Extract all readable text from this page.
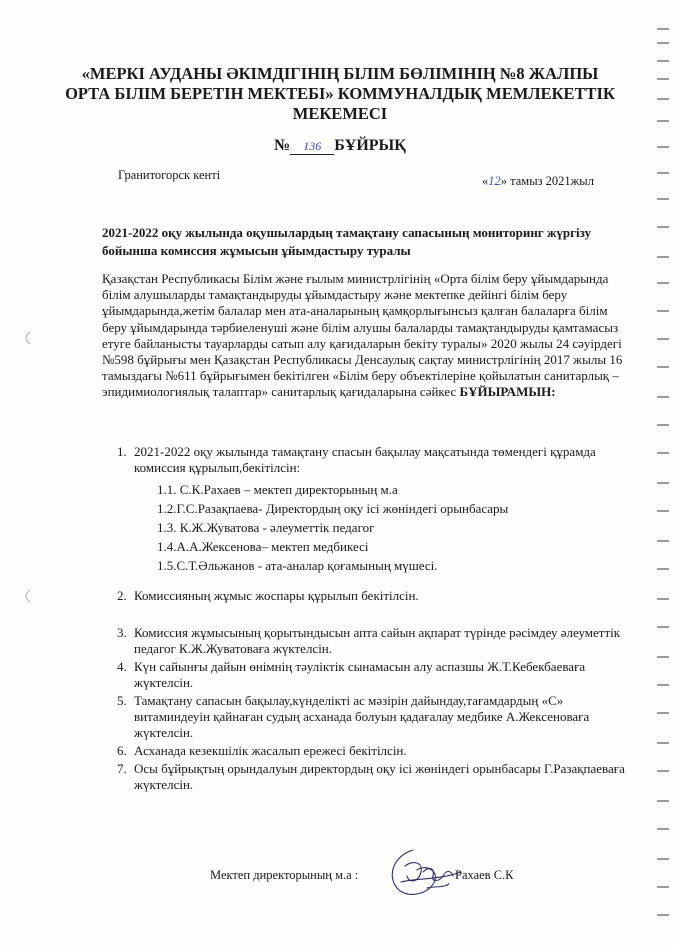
«МЕРКІ АУДАНЫ ӘКІМДІГІНІҢ БІЛІМ БӨЛІМІНІҢ №8 ЖАЛПЫ ОРТА БІЛІМ БЕРЕТІН МЕКТЕБІ» КОММУНАЛДЫҚ МЕМЛЕКЕТТІК МЕКЕМЕСІ
№ 136 БҰЙРЫҚ
Гранитогорск кенті	«12» тамыз 2021жыл
2021-2022 оқу жылында оқушылардың тамақтану сапасының мониторинг жүргізу бойынша комиссия жұмысын ұйымдастыру туралы
Қазақстан Республикасы Білім және ғылым министрлігінің «Орта білім беру ұйымдарында білім алушыларды тамақтандыруды ұйымдастыру және мектепке дейінгі білім беру ұйымдарында,жетім балалар мен ата-аналарының қамқорлығынсыз қалған балаларға білім беру ұйымдарында тәрбиеленуші және білім алушы балаларды тамақтандыруды қамтамасыз етуге байланысты тауарларды сатып алу қағидаларын бекіту туралы» 2020 жылы 24 сәуірдегі №598 бұйрығы мен Қазақстан Республикасы Денсаулық сақтау министрлігінің 2017 жылы 16 тамыздағы №611 бұйрығымен бекітілген «Білім беру объектілеріне қойылатын санитарлық – эпидимиологиялық талаптар» санитарлық қағидаларына сәйкес БҰЙЫРАМЫН:
1. 2021-2022 оқу жылында тамақтану спасын бақылау мақсатында төмендегі құрамда комиссия құрылып,бекітілсін:
1.1. С.К.Рахаев – мектеп директорының м.а
1.2.Г.С.Разақпаева- Директордың оқу ісі жөніндегі орынбасары
1.3. К.Ж.Жуватова - әлеуметтік педагог
1.4.А.А.Жексенова– мектеп медбикесі
1.5.С.Т.Әльжанов - ата-аналар қоғамының мүшесі.
2. Комиссияның жұмыс жоспары құрылып бекітілсін.
3. Комиссия жұмысының қорытындысын апта сайын ақпарат түрінде рәсімдеу әлеуметтік педагог К.Ж.Жуватоваға жүктелсін.
4. Күн сайынғы дайын өнімнің тәуліктік сынамасын алу аспазшы Ж.Т.Кебекбаеваға жүктелсін.
5. Тамақтану сапасын бақылау,күнделікті ас мәзірін дайындау,тағамдардың «С» витаминдеуін қайнаған судың асханада болуын қадағалау медбике А.Жексеноваға жүктелсін.
6. Асханада кезекшілік жасалып ережесі бекітілсін.
7. Осы бұйрықтың орындалуын директордың оқу ісі жөніндегі орынбасары Г.Разақпаеваға жүктелсін.
Мектеп директорының м.а :	Рахаев С.К
